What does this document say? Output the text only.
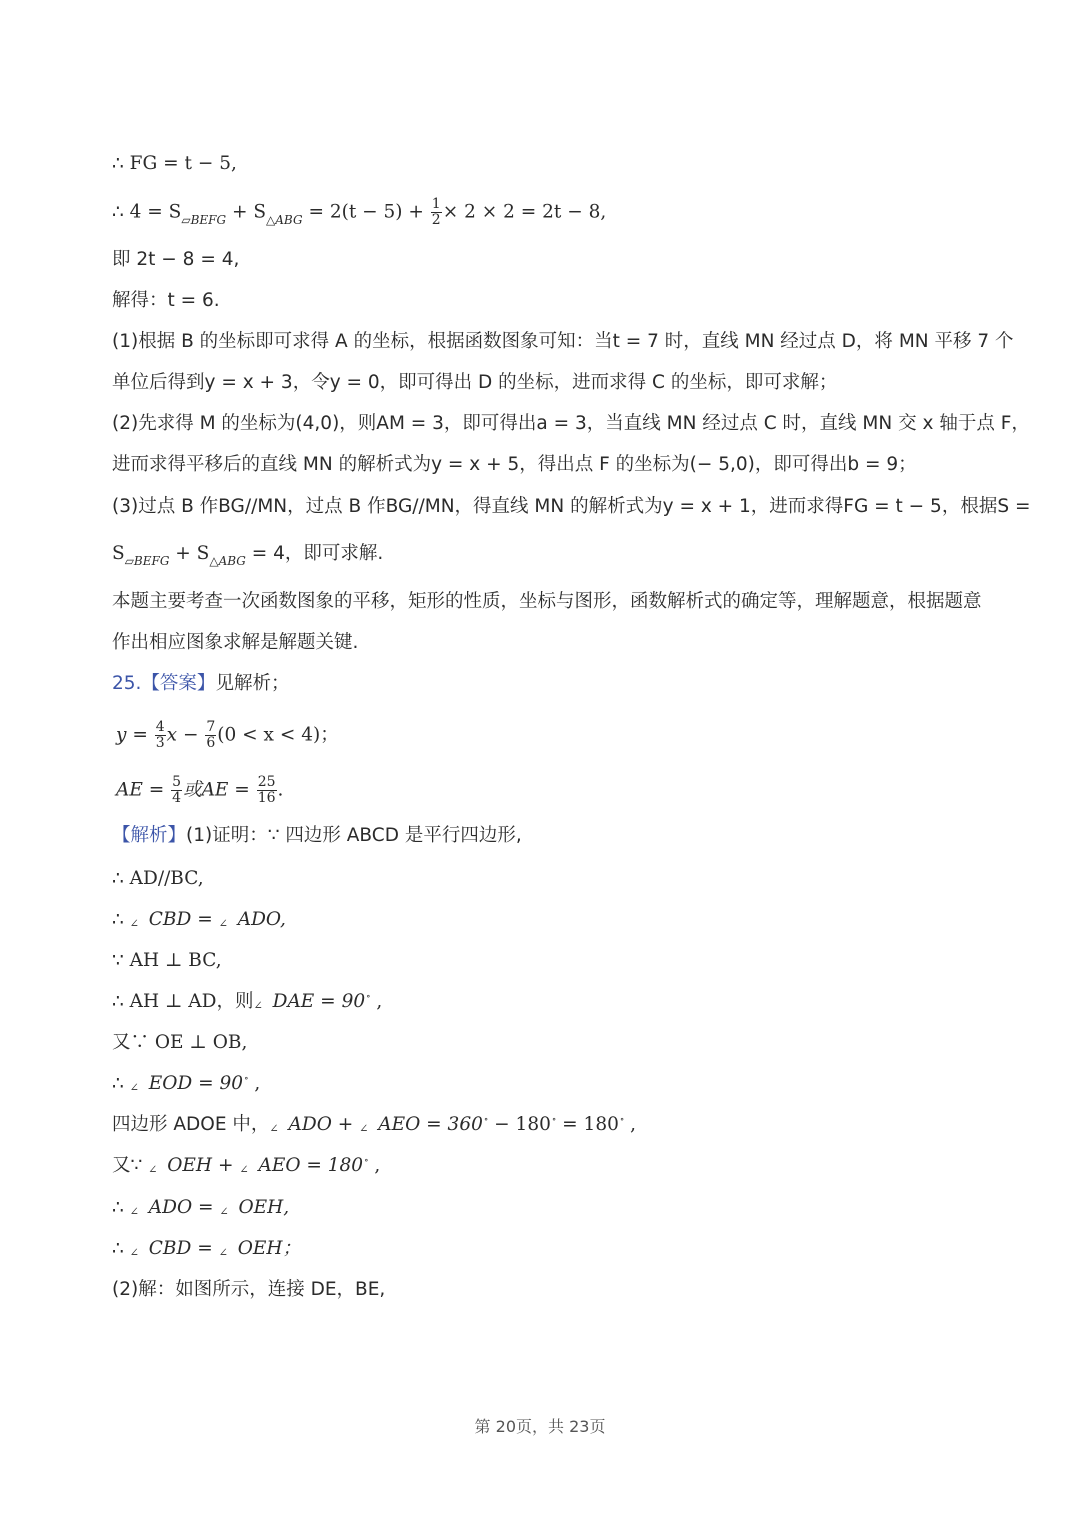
∴ FG = t − 5,
∴ $4 = S_{▱BEFG} + S_{\triangle ABG} = 2(t - 5) + \frac{1}{2} \times 2 \times 2 = 2t - 8$,
即 2t − 8 = 4,
解得：t = 6.
(1)根据 B 的坐标即可求得 A 的坐标，根据函数图象可知：当t = 7 时，直线 MN 经过点 D，将 MN 平移 7 个
单位后得到y = x + 3，令y = 0，即可得出 D 的坐标，进而求得 C 的坐标，即可求解；
(2)先求得 M 的坐标为(4,0)，则AM = 3，即可得出a = 3，当直线 MN 经过点 C 时，直线 MN 交 x 轴于点 F，
进而求得平移后的直线 MN 的解析式为y = x + 5，得出点 F 的坐标为(− 5,0)，即可得出b = 9；
(3)过点 B 作BG//MN，过点 B 作BG//MN，得直线 MN 的解析式为y = x + 1，进而求得FG = t − 5，根据S =
$S_{▱BEFG} + S_{\triangle ABG} = 4$，即可求解.
本题主要考查一次函数图象的平移，矩形的性质，坐标与图形，函数解析式的确定等，理解题意，根据题意
作出相应图象求解是解题关键.
25.【答案】见解析；
$y = \frac{4}{3}$ $x - \frac{7}{6} (0 < x < 4)$；
AE = $\frac{5}{4}$ 或AE = $\frac{25}{16}$ .
【解析】(1)证明：∵ 四边形 ABCD 是平行四边形,
∴ AD//BC,
∴ ∠ CBD = ∠ ADO,
∵ AH ⊥ BC,
∴ AH ⊥ AD，则∠ DAE = 90∘ ,
又∵ OE ⊥ OB,
∴ ∠ EOD = 90∘ ,
四边形 ADOE 中，∠ ADO + ∠ AEO = 360∘ − 180∘ = 180∘ ,
又∵ ∠ OEH + ∠ AEO = 180∘ ,
∴ ∠ ADO = ∠ OEH,
∴ ∠ CBD = ∠ OEH；
(2)解：如图所示，连接 DE，BE,
第 20页，共 23页
